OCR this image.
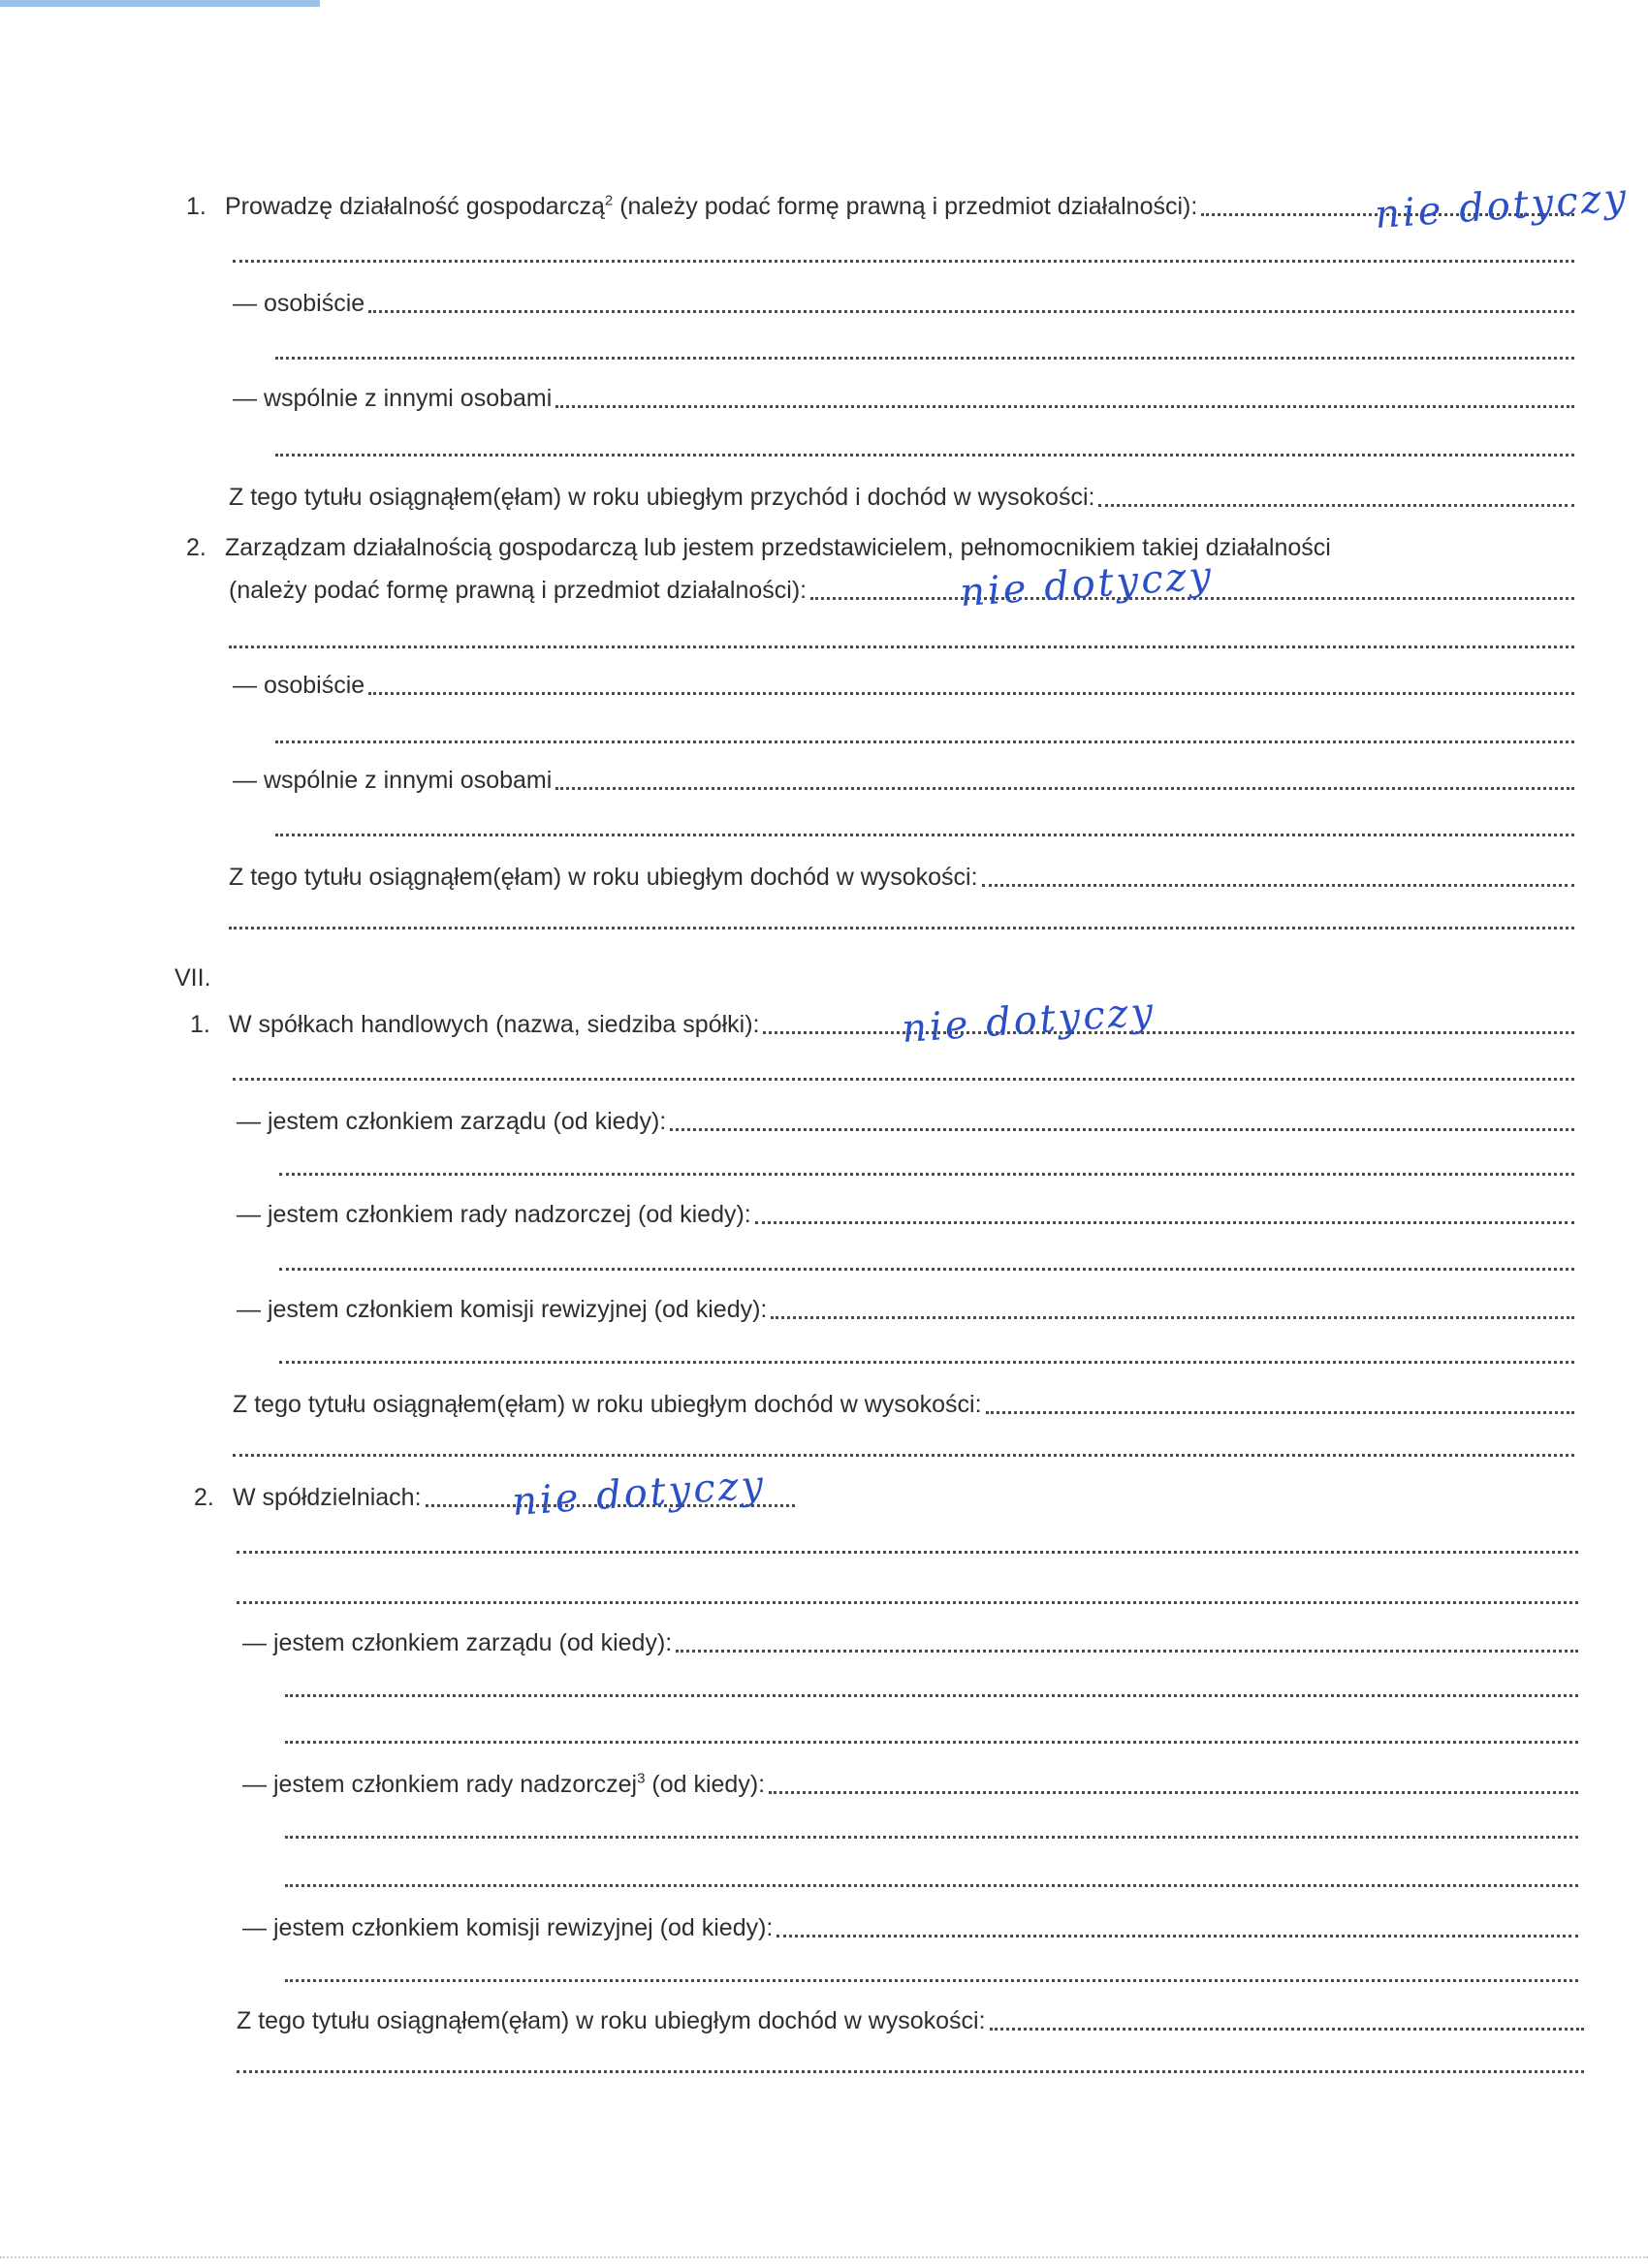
1. Prowadzę działalność gospodarczą$^2$ (należy podać formę prawną i przedmiot działalności):	nie dotyczy
— osobiście
— wspólnie z innymi osobami
Z tego tytułu osiągnąłem(ęłam) w roku ubiegłym przychód i dochód w wysokości:
2. Zarządzam działalnością gospodarczą lub jestem przedstawicielem, pełnomocnikiem takiej działalności
(należy podać formę prawną i przedmiot działalności):	nie dotyczy
— osobiście
— wspólnie z innymi osobami
Z tego tytułu osiągnąłem(ęłam) w roku ubiegłym dochód w wysokości:
VII.
1. W spółkach handlowych (nazwa, siedziba spółki):	nie dotyczy
— jestem członkiem zarządu (od kiedy):
— jestem członkiem rady nadzorczej (od kiedy):
— jestem członkiem komisji rewizyjnej (od kiedy):
Z tego tytułu osiągnąłem(ęłam) w roku ubiegłym dochód w wysokości:
2. W spółdzielniach: nie dotyczy
— jestem członkiem zarządu (od kiedy):
— jestem członkiem rady nadzorczej$^3$ (od kiedy):
— jestem członkiem komisji rewizyjnej (od kiedy):
Z tego tytułu osiągnąłem(ęłam) w roku ubiegłym dochód w wysokości:
